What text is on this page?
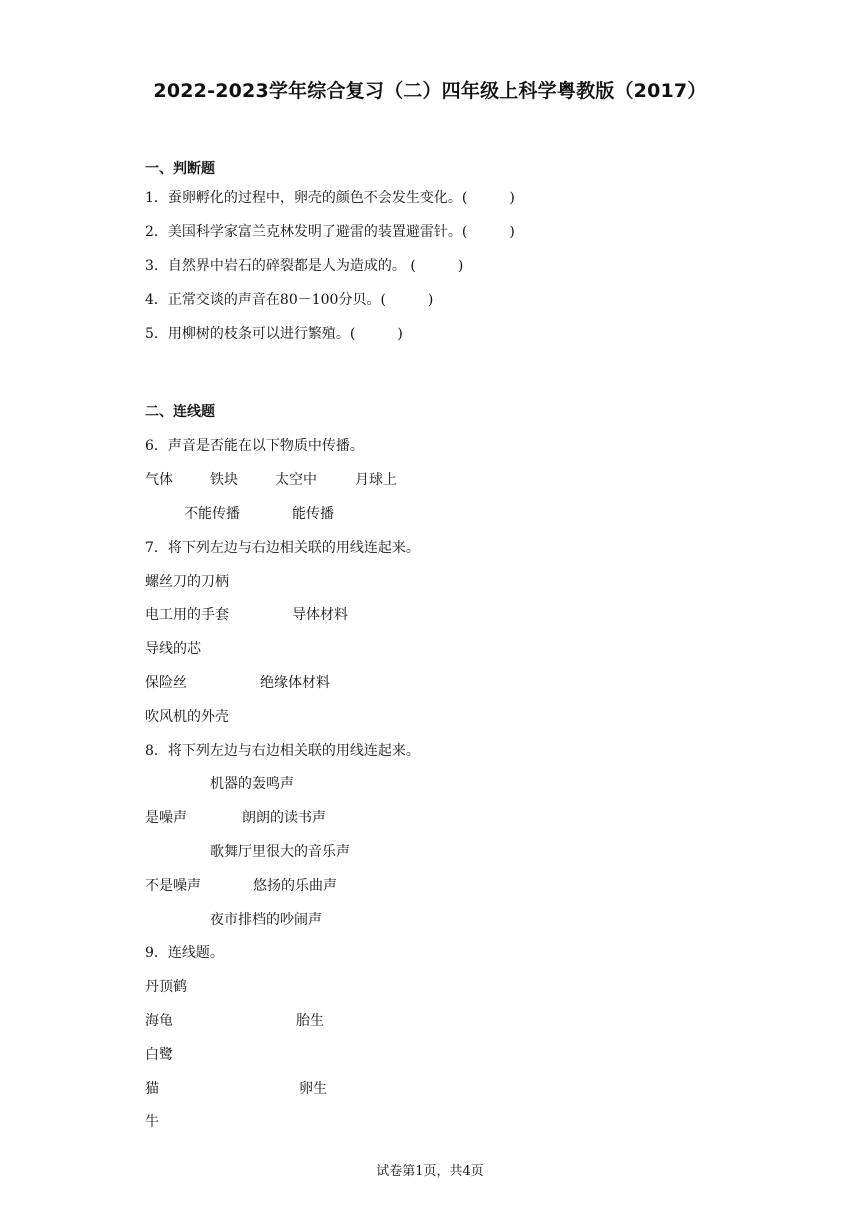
2022-2023学年综合复习（二）四年级上科学粤教版（2017）
一、判断题
1．蚕卵孵化的过程中，卵壳的颜色不会发生变化。(　　　)
2．美国科学家富兰克林发明了避雷的装置避雷针。(　　　)
3．自然界中岩石的碎裂都是人为造成的。 (　　　)
4．正常交谈的声音在80－100分贝。(　　　)
5．用柳树的枝条可以进行繁殖。(　　　)
二、连线题
6．声音是否能在以下物质中传播。
气体	铁块	太空中	月球上
不能传播	能传播
7．将下列左边与右边相关联的用线连起来。
螺丝刀的刀柄
电工用的手套	导体材料
导线的芯
保险丝	绝缘体材料
吹风机的外壳
8．将下列左边与右边相关联的用线连起来。
机器的轰鸣声
是噪声	朗朗的读书声
歌舞厅里很大的音乐声
不是噪声	悠扬的乐曲声
夜市排档的吵闹声
9．连线题。
丹顶鹤
海龟	胎生
白鹭
猫	卵生
牛
试卷第1页，共4页
